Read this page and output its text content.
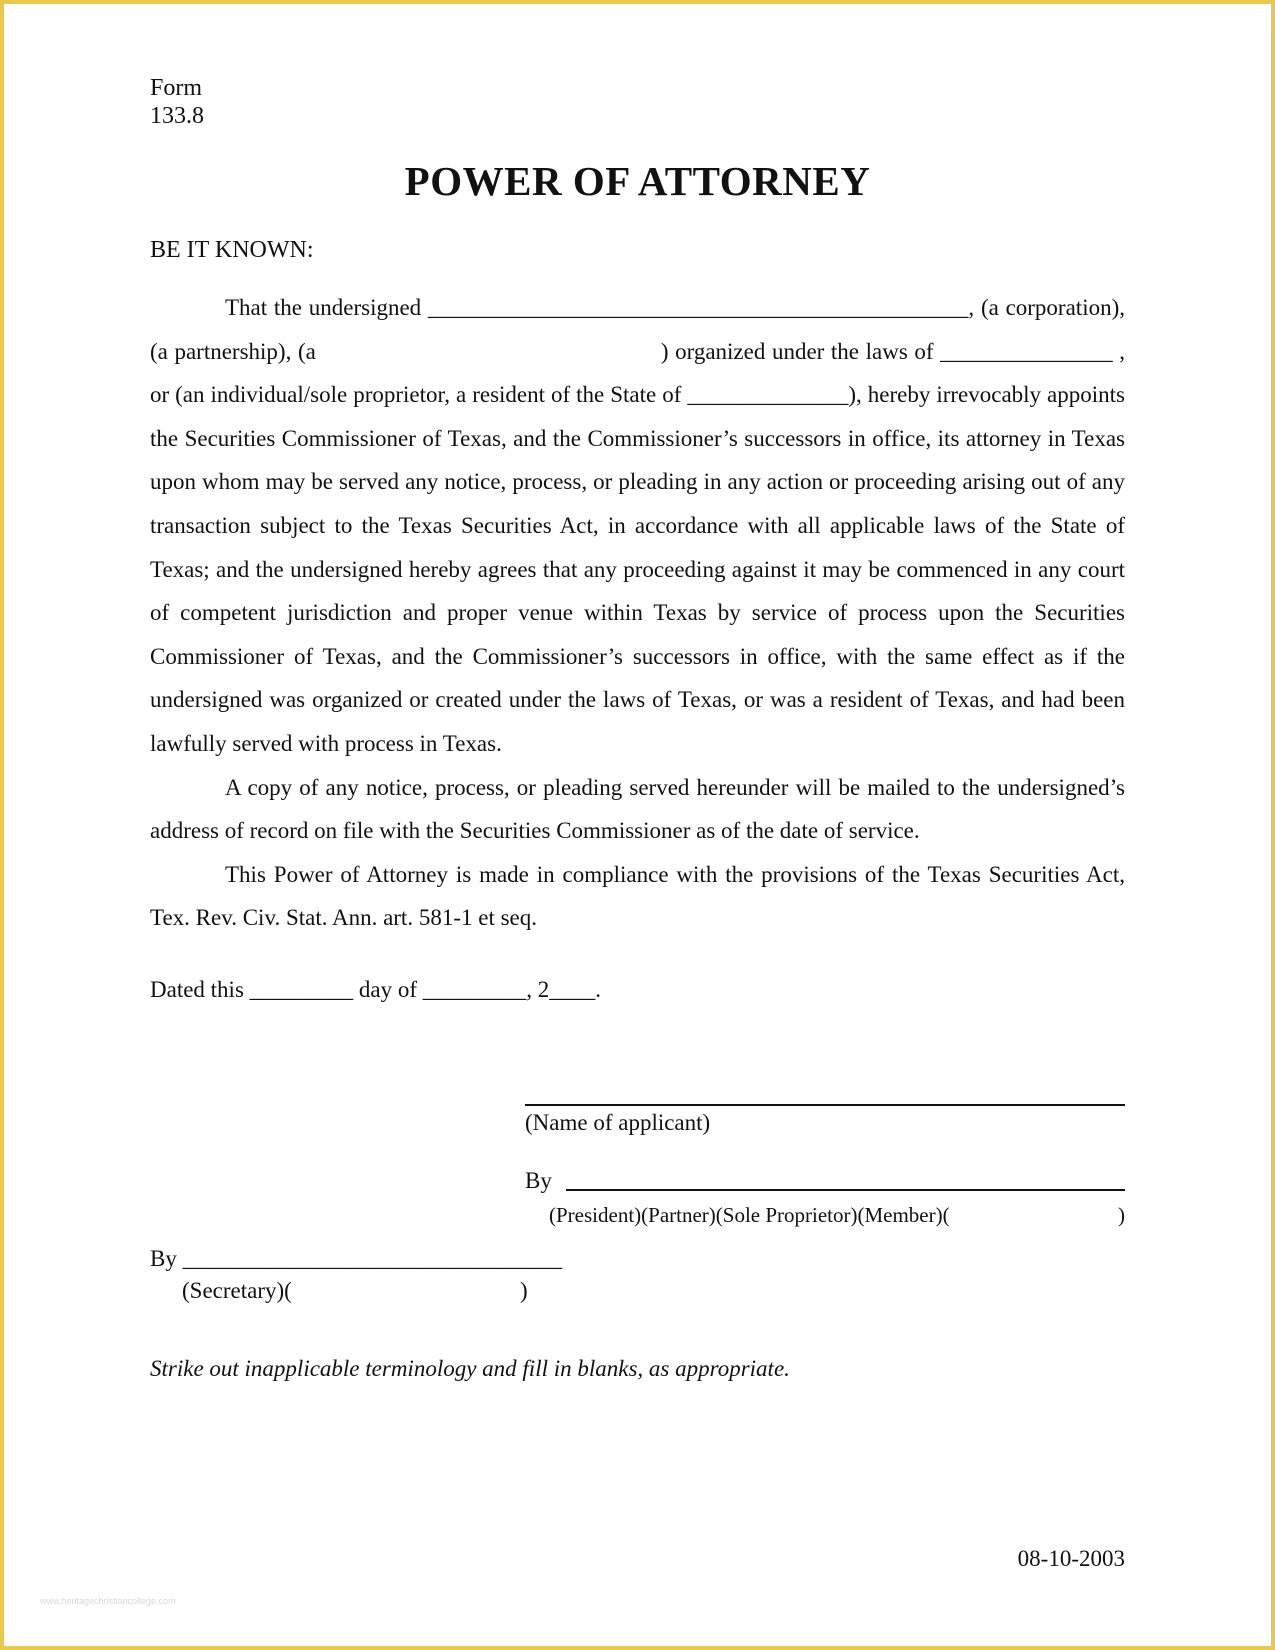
Form

133.8

POWER OF ATTORNEY

BE IT KNOWN:

That the undersigned _______________________________________________, (a corporation), (a partnership), (a	) organized under the laws of _______________ , or (an individual/sole proprietor, a resident of the State of ______________), hereby irrevocably appoints the Securities Commissioner of Texas, and the Commissioner’s successors in office, its attorney in Texas upon whom may be served any notice, process, or pleading in any action or proceeding arising out of any transaction subject to the Texas Securities Act, in accordance with all applicable laws of the State of Texas; and the undersigned hereby agrees that any proceeding against it may be commenced in any court of competent jurisdiction and proper venue within Texas by service of process upon the Securities Commissioner of Texas, and the Commissioner’s successors in office, with the same effect as if the undersigned was organized or created under the laws of Texas, or was a resident of Texas, and had been lawfully served with process in Texas.

A copy of any notice, process, or pleading served hereunder will be mailed to the undersigned’s address of record on file with the Securities Commissioner as of the date of service.

This Power of Attorney is made in compliance with the provisions of the Texas Securities Act, Tex. Rev. Civ. Stat. Ann. art. 581-1 et seq.

Dated this _________ day of _________, 2____.

(Name of applicant)
By
(President)(Partner)(Sole Proprietor)(Member)(	)
By _________________________________
(Secretary)(	)
Strike out inapplicable terminology and fill in blanks, as appropriate.
08-10-2003
www.heritagechristiancollege.com
